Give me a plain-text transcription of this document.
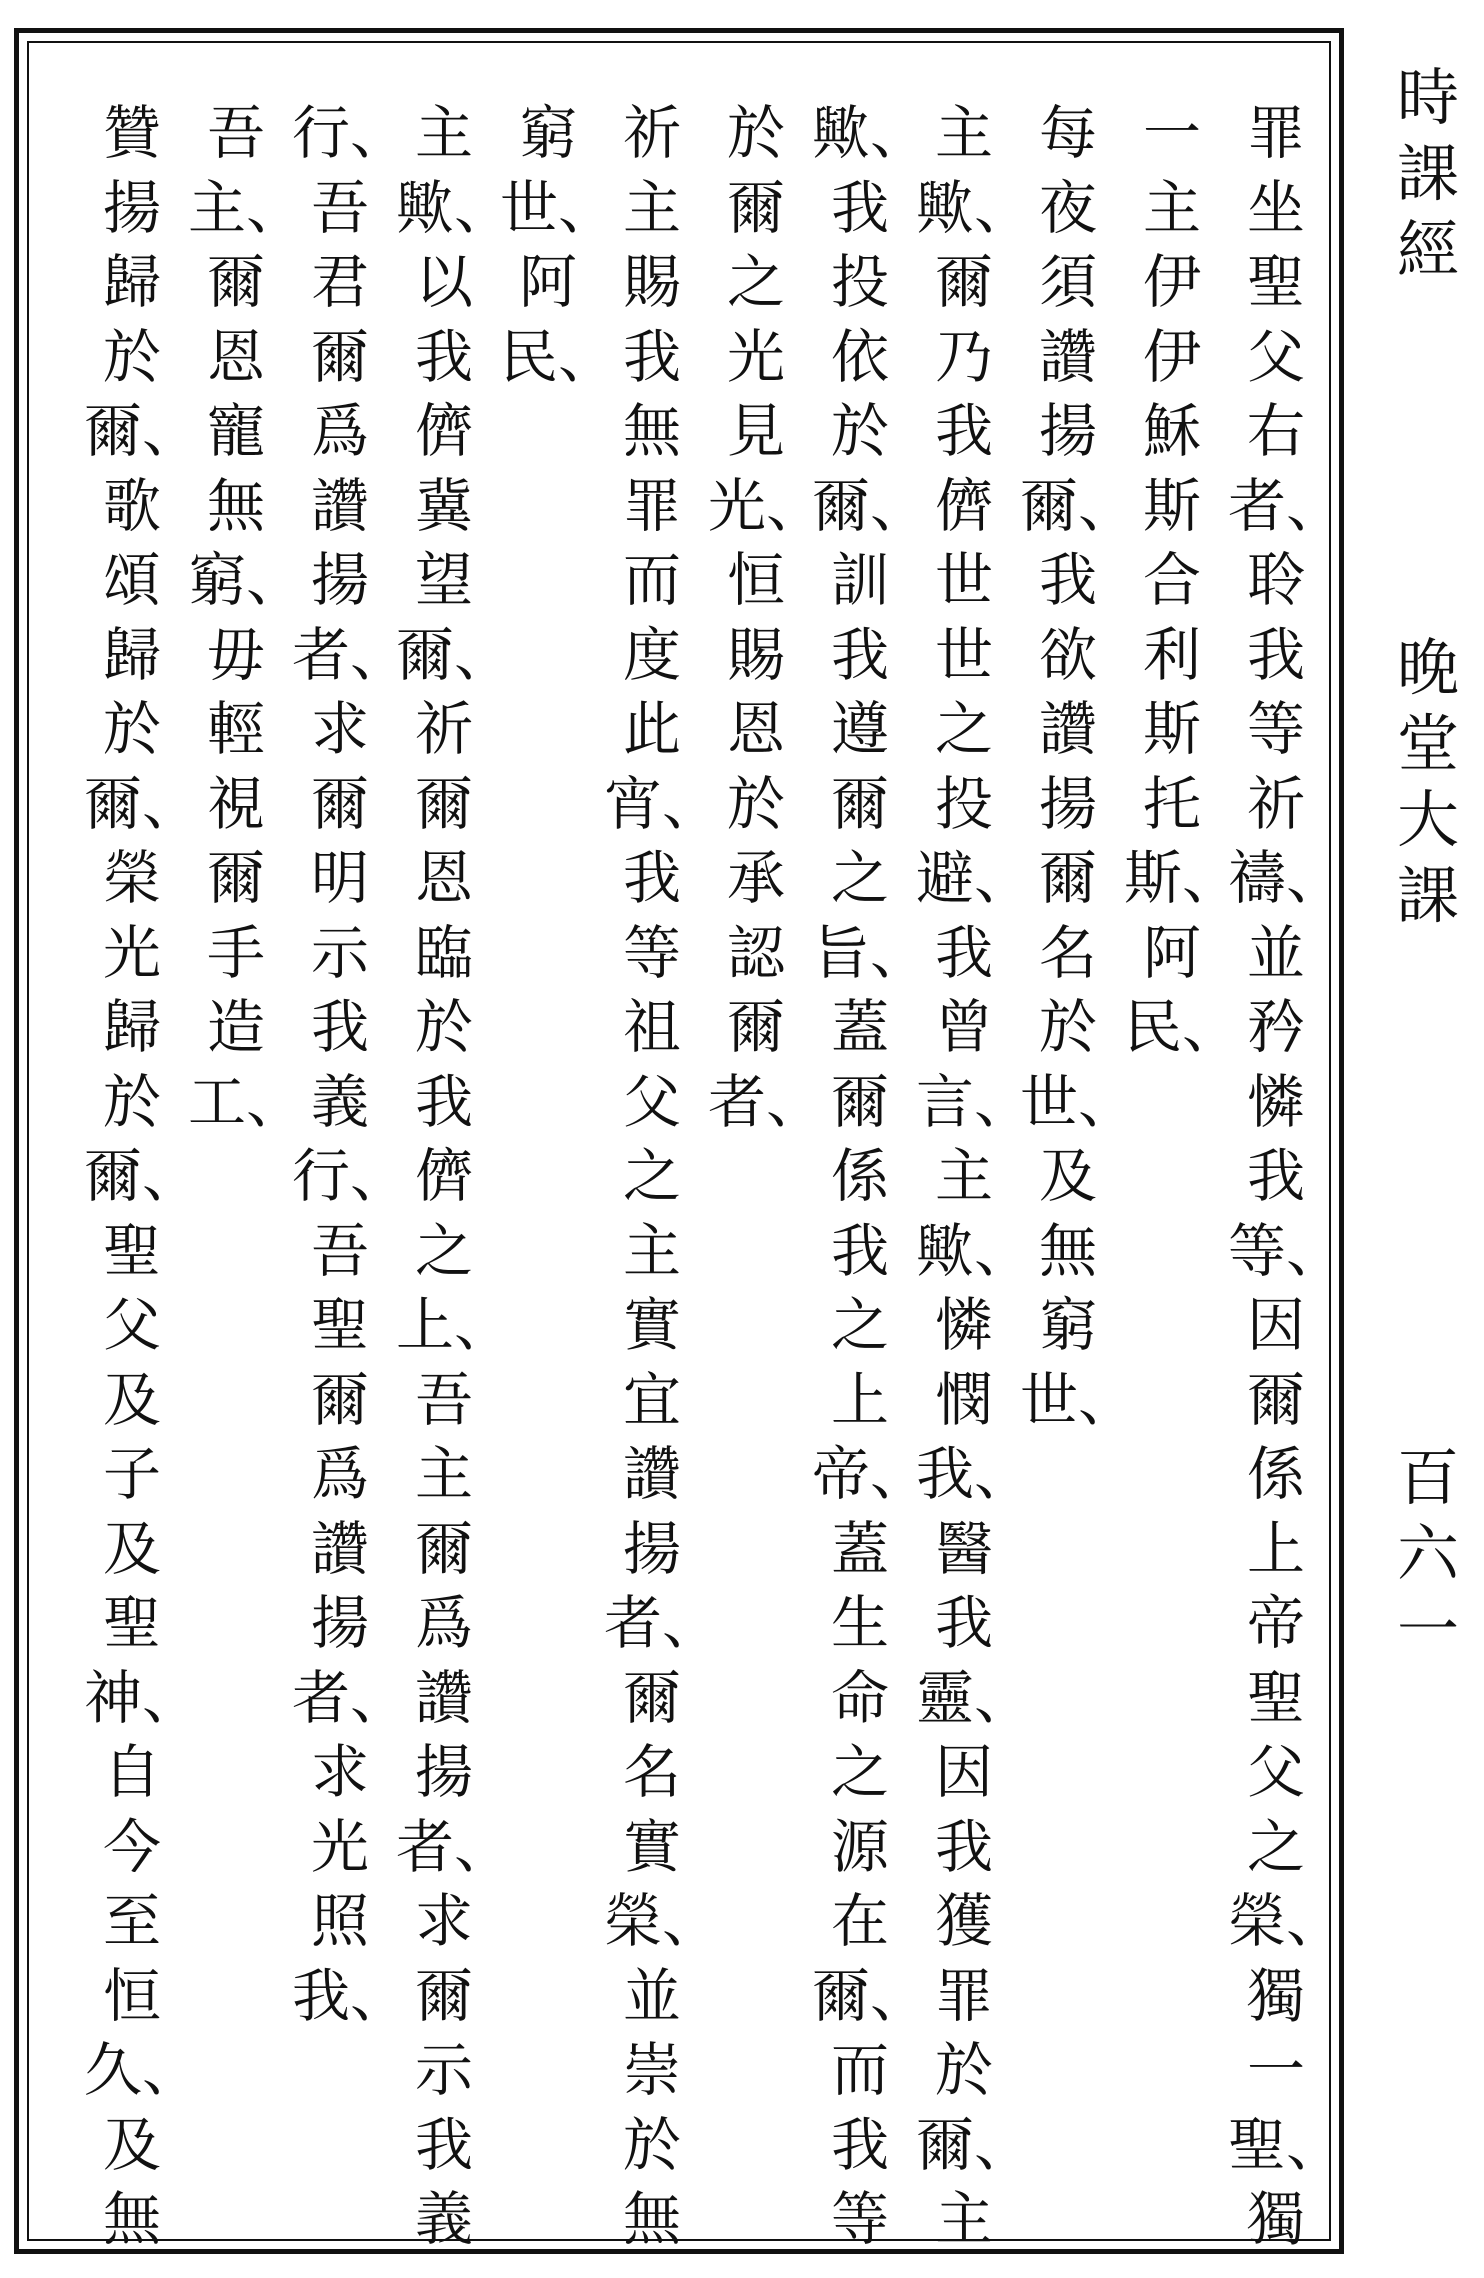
罪
坐
聖
父
右
者、
聆
我
等
祈
禱、
並
矜
憐
我
等、
因
爾
係
上
帝
聖
父
之
榮、
獨
一
聖、
獨
一
主
伊
伊
穌
斯
合
利
斯
托
斯、
阿
民、
每
夜
須
讚
揚
爾、
我
欲
讚
揚
爾
名
於
世、
及
無
窮
世、
主
歟、
爾
乃
我
儕
世
世
之
投
避、
我
曾
言、
主
歟、
憐
憫
我、
醫
我
靈、
因
我
獲
罪
於
爾、
主
歟、
我
投
依
於
爾、
訓
我
遵
爾
之
旨、
蓋
爾
係
我
之
上
帝、
蓋
生
命
之
源
在
爾、
而
我
等
於
爾
之
光
見
光、
恒
賜
恩
於
承
認
爾
者、
祈
主
賜
我
無
罪
而
度
此
宵、
我
等
祖
父
之
主
實
宜
讚
揚
者、
爾
名
實
榮、
並
崇
於
無
窮
世、
阿
民、
主
歟、
以
我
儕
冀
望
爾、
祈
爾
恩
臨
於
我
儕
之
上、
吾
主
爾
爲
讚
揚
者、
求
爾
示
我
義
行、
吾
君
爾
爲
讚
揚
者、
求
爾
明
示
我
義
行、
吾
聖
爾
爲
讚
揚
者、
求
光
照
我、
吾
主、
爾
恩
寵
無
窮、
毋
輕
視
爾
手
造
工、
贊
揚
歸
於
爾、
歌
頌
歸
於
爾、
榮
光
歸
於
爾、
聖
父
及
子
及
聖
神、
自
今
至
恒
久、
及
無
時
課
經
晚
堂
大
課
百
六
一
